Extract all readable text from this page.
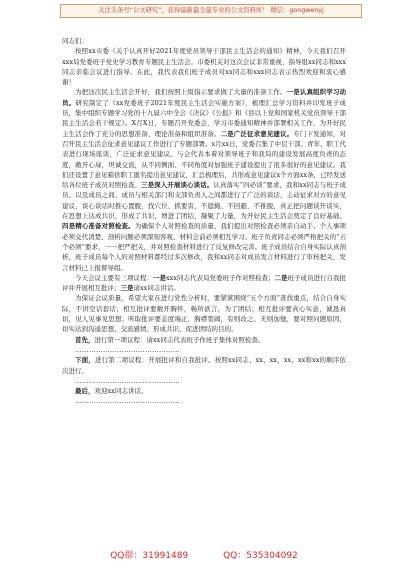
关注头条号“公文研究”，获得最新最全最专业的公文资料库！ 微信：gongwenyj

同志们：

按照xx市委《关于认真开好2021年度党员领导干部民主生活会的通知》精神，今天我们召开xxx局党委班子党史学习教育专题民主生活会。市委机关对这次会议非常重视，指导组xx同志和xxx同志亲临会议进行指导。在此，我代表我们班子成员对xx同志和xxx同志表示热烈欢迎和衷心感谢！

为把这次民主生活会开好，我们按照上级指示要求做了大量的准备工作。一是认真组织学习动员。研究制定了《xx党委班子2021年度民主生活会实施方案》，梳理汇总学习资料并印发班子成员，集中组织专题学习党的十九届六中全会《决议》《公报》和《县以上党和国家机关党员领导干部民主生活会若干规定》。X月X日，专题召开党委会，学习市委通知精神并部署相关工作，为开好民主生活会作了充分的思想准备、理论准备和组织准备。二是广泛征求意见建议。专门下发通知，对召开民主生活会征求意见建议工作进行了专题部署。x月xx日，党委召集了中层干部、青年、职工代表进行现场座谈，广泛征求意见建议。与会代表本着对领导班子和我局的建设发展高度负责的态度，敞开心扉，坦诚交流，从不同侧面、不同角度对加强班子建设提出了很多很好的意见建议。我们还设置了意见箱供职工匿名提出意见建议，汇总梳理后，共形成意见建议x个方面xx条，已经发送给各位班子成员对照检查。三是深入开展谈心谈话。认真落实“四必谈”要求，我和xx同志与班子成员、以及成员之间、成员与相关部门和支部负责人之间都进行了广泛的谈话，主动征求对方的意见建议，谈心谈话时推心置腹，找穴位、抓要害，不遮掩、不回避，不推脱，真正把问题谈开谈实，在思想上达成共识，形成了共识，增进了团结，凝聚了力量，为开好民主生活会奠定了良好基础。四是精心准备对照检查。为确保个人对照检查的质量，我们提出对照检查必须亲自动手、个人事项必须交代清楚、剖析问题必须深刻客观、材料会前必须相互学习、班子负责同志必须严格把关的“五个必须”要求，一一把严把关，并对照检查材料进行了反复修改完善。班子成员结合自身实际认真剖析，班子成员每个人的对照材料都经过多次修改，我和xx同志对成员发言材料进行了审核把关，发言材料已上报督导组。

今天会议主要有三项议程：一是xxx同志代表局党委班子作对照检查；二是班子成员进行自我批评并开展相互批评；三是请xx同志讲话。

为保证会议质量，希望大家在进行党性分析时，要紧紧围绕“五个方面”查找重点，结合自身实际，不讲空话套话；相互批评要敞开胸怀，畅所欲言，为了团结；相互批评要真心实意，诚恳真切，见人见事见思想；听取批评要态度端正、胸襟宽阔，有则改之、无则加勉，要对照问题原因，切实达到沟通思想、交流感情、形成共识、促进团结的目的。

首先，进行第一项议程：请xx同志代表班子作班子集体对照检查。

………………………………………

下面，进行第二项议程：开展批评和自我批评。按照xx同志、xx、xx、xx、xx和xx的顺序依次进行。

………………………………………

最后，欢迎xx同志讲话。

………………………………………

QQ群：31991489	QQ：535304092
